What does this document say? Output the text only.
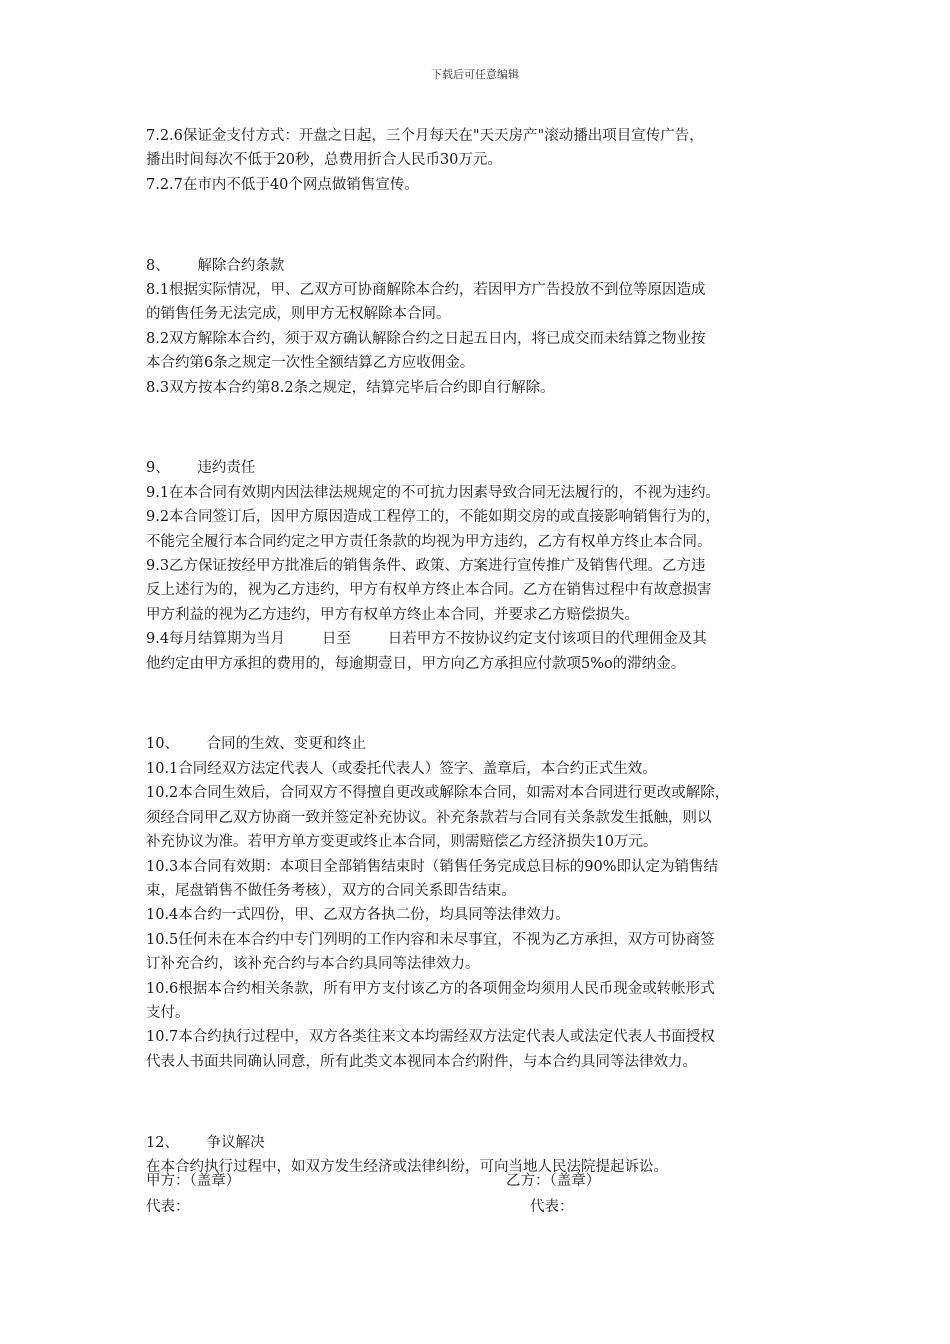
下载后可任意编辑

7.2.6保证金支付方式：开盘之日起，三个月每天在"天天房产"滚动播出项目宣传广告，

播出时间每次不低于20秒，总费用折合人民币30万元。

7.2.7在市内不低于40个网点做销售宣传。

8、      解除合约条款

8.1根据实际情况，甲、乙双方可协商解除本合约，若因甲方广告投放不到位等原因造成

的销售任务无法完成，则甲方无权解除本合同。

8.2双方解除本合约，须于双方确认解除合约之日起五日内，将已成交而未结算之物业按

本合约第6条之规定一次性全额结算乙方应收佣金。

8.3双方按本合约第8.2条之规定，结算完毕后合约即自行解除。

9、      违约责任

9.1在本合同有效期内因法律法规规定的不可抗力因素导致合同无法履行的，不视为违约。

9.2本合同签订后，因甲方原因造成工程停工的，不能如期交房的或直接影响销售行为的，

不能完全履行本合同约定之甲方责任条款的均视为甲方违约，乙方有权单方终止本合同。

9.3乙方保证按经甲方批准后的销售条件、政策、方案进行宣传推广及销售代理。乙方违

反上述行为的，视为乙方违约，甲方有权单方终止本合同。乙方在销售过程中有故意损害

甲方利益的视为乙方违约，甲方有权单方终止本合同，并要求乙方赔偿损失。

9.4每月结算期为当月        日至        日若甲方不按协议约定支付该项目的代理佣金及其

他约定由甲方承担的费用的，每逾期壹日，甲方向乙方承担应付款项5%o的滞纳金。

10、      合同的生效、变更和终止

10.1合同经双方法定代表人（或委托代表人）签字、盖章后，本合约正式生效。

10.2本合同生效后，合同双方不得擅自更改或解除本合同，如需对本合同进行更改或解除，

须经合同甲乙双方协商一致并签定补充协议。补充条款若与合同有关条款发生抵触，则以

补充协议为准。若甲方单方变更或终止本合同，则需赔偿乙方经济损失10万元。

10.3本合同有效期：本项目全部销售结束时（销售任务完成总目标的90%即认定为销售结

束，尾盘销售不做任务考核），双方的合同关系即告结束。

10.4本合约一式四份，甲、乙双方各执二份，均具同等法律效力。

10.5任何未在本合约中专门列明的工作内容和未尽事宜，不视为乙方承担，双方可协商签

订补充合约，该补充合约与本合约具同等法律效力。

10.6根据本合约相关条款，所有甲方支付该乙方的各项佣金均须用人民币现金或转帐形式

支付。

10.7本合约执行过程中，双方各类往来文本均需经双方法定代表人或法定代表人书面授权

代表人书面共同确认同意，所有此类文本视同本合约附件，与本合约具同等法律效力。

12、      争议解决

在本合约执行过程中，如双方发生经济或法律纠纷，可向当地人民法院提起诉讼。

甲方：（盖章）	乙方：（盖章）
代表：	代表：
